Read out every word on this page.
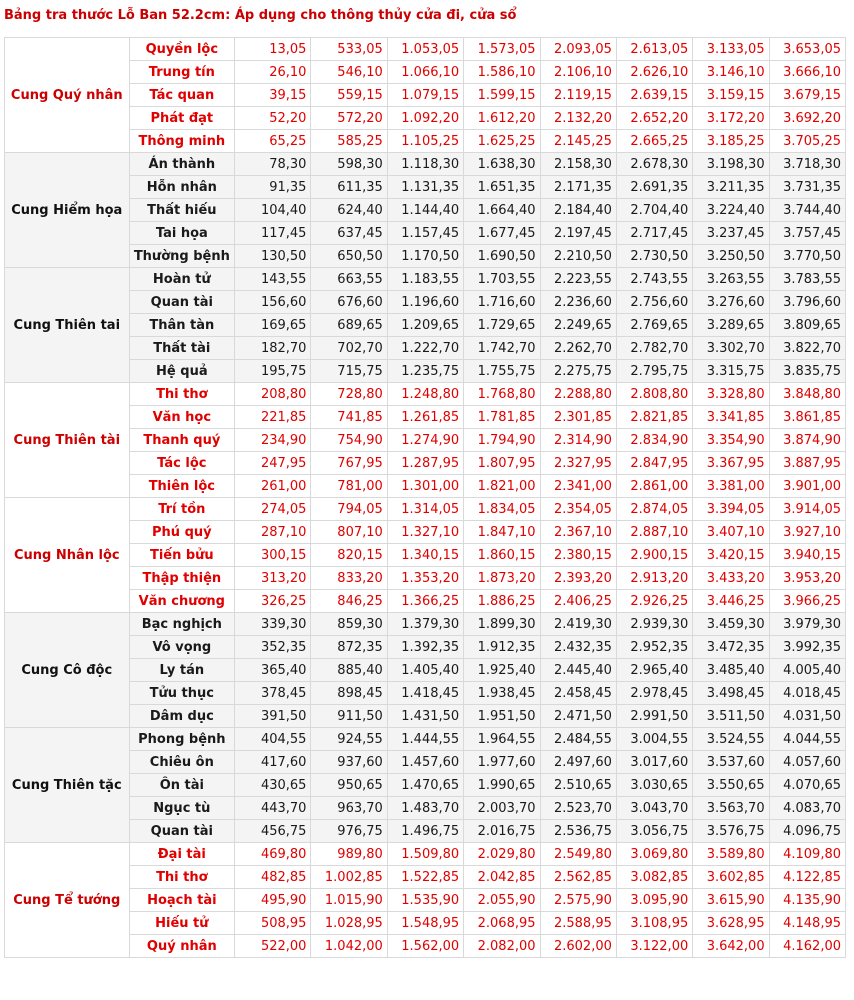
Bảng tra thước Lỗ Ban 52.2cm: Áp dụng cho thông thủy cửa đi, cửa sổ
Cung Quý nhân	Quyền lộc	13,05	533,05	1.053,05	1.573,05	2.093,05	2.613,05	3.133,05	3.653,05
	Trung tín	26,10	546,10	1.066,10	1.586,10	2.106,10	2.626,10	3.146,10	3.666,10
	Tác quan	39,15	559,15	1.079,15	1.599,15	2.119,15	2.639,15	3.159,15	3.679,15
	Phát đạt	52,20	572,20	1.092,20	1.612,20	2.132,20	2.652,20	3.172,20	3.692,20
	Thông minh	65,25	585,25	1.105,25	1.625,25	2.145,25	2.665,25	3.185,25	3.705,25
Cung Hiểm họa	Án thành	78,30	598,30	1.118,30	1.638,30	2.158,30	2.678,30	3.198,30	3.718,30
	Hỗn nhân	91,35	611,35	1.131,35	1.651,35	2.171,35	2.691,35	3.211,35	3.731,35
	Thất hiếu	104,40	624,40	1.144,40	1.664,40	2.184,40	2.704,40	3.224,40	3.744,40
	Tai họa	117,45	637,45	1.157,45	1.677,45	2.197,45	2.717,45	3.237,45	3.757,45
	Thường bệnh	130,50	650,50	1.170,50	1.690,50	2.210,50	2.730,50	3.250,50	3.770,50
Cung Thiên tai	Hoàn tử	143,55	663,55	1.183,55	1.703,55	2.223,55	2.743,55	3.263,55	3.783,55
	Quan tài	156,60	676,60	1.196,60	1.716,60	2.236,60	2.756,60	3.276,60	3.796,60
	Thân tàn	169,65	689,65	1.209,65	1.729,65	2.249,65	2.769,65	3.289,65	3.809,65
	Thất tài	182,70	702,70	1.222,70	1.742,70	2.262,70	2.782,70	3.302,70	3.822,70
	Hệ quả	195,75	715,75	1.235,75	1.755,75	2.275,75	2.795,75	3.315,75	3.835,75
Cung Thiên tài	Thi thơ	208,80	728,80	1.248,80	1.768,80	2.288,80	2.808,80	3.328,80	3.848,80
	Văn học	221,85	741,85	1.261,85	1.781,85	2.301,85	2.821,85	3.341,85	3.861,85
	Thanh quý	234,90	754,90	1.274,90	1.794,90	2.314,90	2.834,90	3.354,90	3.874,90
	Tác lộc	247,95	767,95	1.287,95	1.807,95	2.327,95	2.847,95	3.367,95	3.887,95
	Thiên lộc	261,00	781,00	1.301,00	1.821,00	2.341,00	2.861,00	3.381,00	3.901,00
Cung Nhân lộc	Trí tồn	274,05	794,05	1.314,05	1.834,05	2.354,05	2.874,05	3.394,05	3.914,05
	Phú quý	287,10	807,10	1.327,10	1.847,10	2.367,10	2.887,10	3.407,10	3.927,10
	Tiến bửu	300,15	820,15	1.340,15	1.860,15	2.380,15	2.900,15	3.420,15	3.940,15
	Thập thiện	313,20	833,20	1.353,20	1.873,20	2.393,20	2.913,20	3.433,20	3.953,20
	Văn chương	326,25	846,25	1.366,25	1.886,25	2.406,25	2.926,25	3.446,25	3.966,25
Cung Cô độc	Bạc nghịch	339,30	859,30	1.379,30	1.899,30	2.419,30	2.939,30	3.459,30	3.979,30
	Vô vọng	352,35	872,35	1.392,35	1.912,35	2.432,35	2.952,35	3.472,35	3.992,35
	Ly tán	365,40	885,40	1.405,40	1.925,40	2.445,40	2.965,40	3.485,40	4.005,40
	Tửu thục	378,45	898,45	1.418,45	1.938,45	2.458,45	2.978,45	3.498,45	4.018,45
	Dâm dục	391,50	911,50	1.431,50	1.951,50	2.471,50	2.991,50	3.511,50	4.031,50
Cung Thiên tặc	Phong bệnh	404,55	924,55	1.444,55	1.964,55	2.484,55	3.004,55	3.524,55	4.044,55
	Chiêu ôn	417,60	937,60	1.457,60	1.977,60	2.497,60	3.017,60	3.537,60	4.057,60
	Ôn tài	430,65	950,65	1.470,65	1.990,65	2.510,65	3.030,65	3.550,65	4.070,65
	Ngục tù	443,70	963,70	1.483,70	2.003,70	2.523,70	3.043,70	3.563,70	4.083,70
	Quan tài	456,75	976,75	1.496,75	2.016,75	2.536,75	3.056,75	3.576,75	4.096,75
Cung Tể tướng	Đại tài	469,80	989,80	1.509,80	2.029,80	2.549,80	3.069,80	3.589,80	4.109,80
	Thi thơ	482,85	1.002,85	1.522,85	2.042,85	2.562,85	3.082,85	3.602,85	4.122,85
	Hoạch tài	495,90	1.015,90	1.535,90	2.055,90	2.575,90	3.095,90	3.615,90	4.135,90
	Hiếu tử	508,95	1.028,95	1.548,95	2.068,95	2.588,95	3.108,95	3.628,95	4.148,95
	Quý nhân	522,00	1.042,00	1.562,00	2.082,00	2.602,00	3.122,00	3.642,00	4.162,00
